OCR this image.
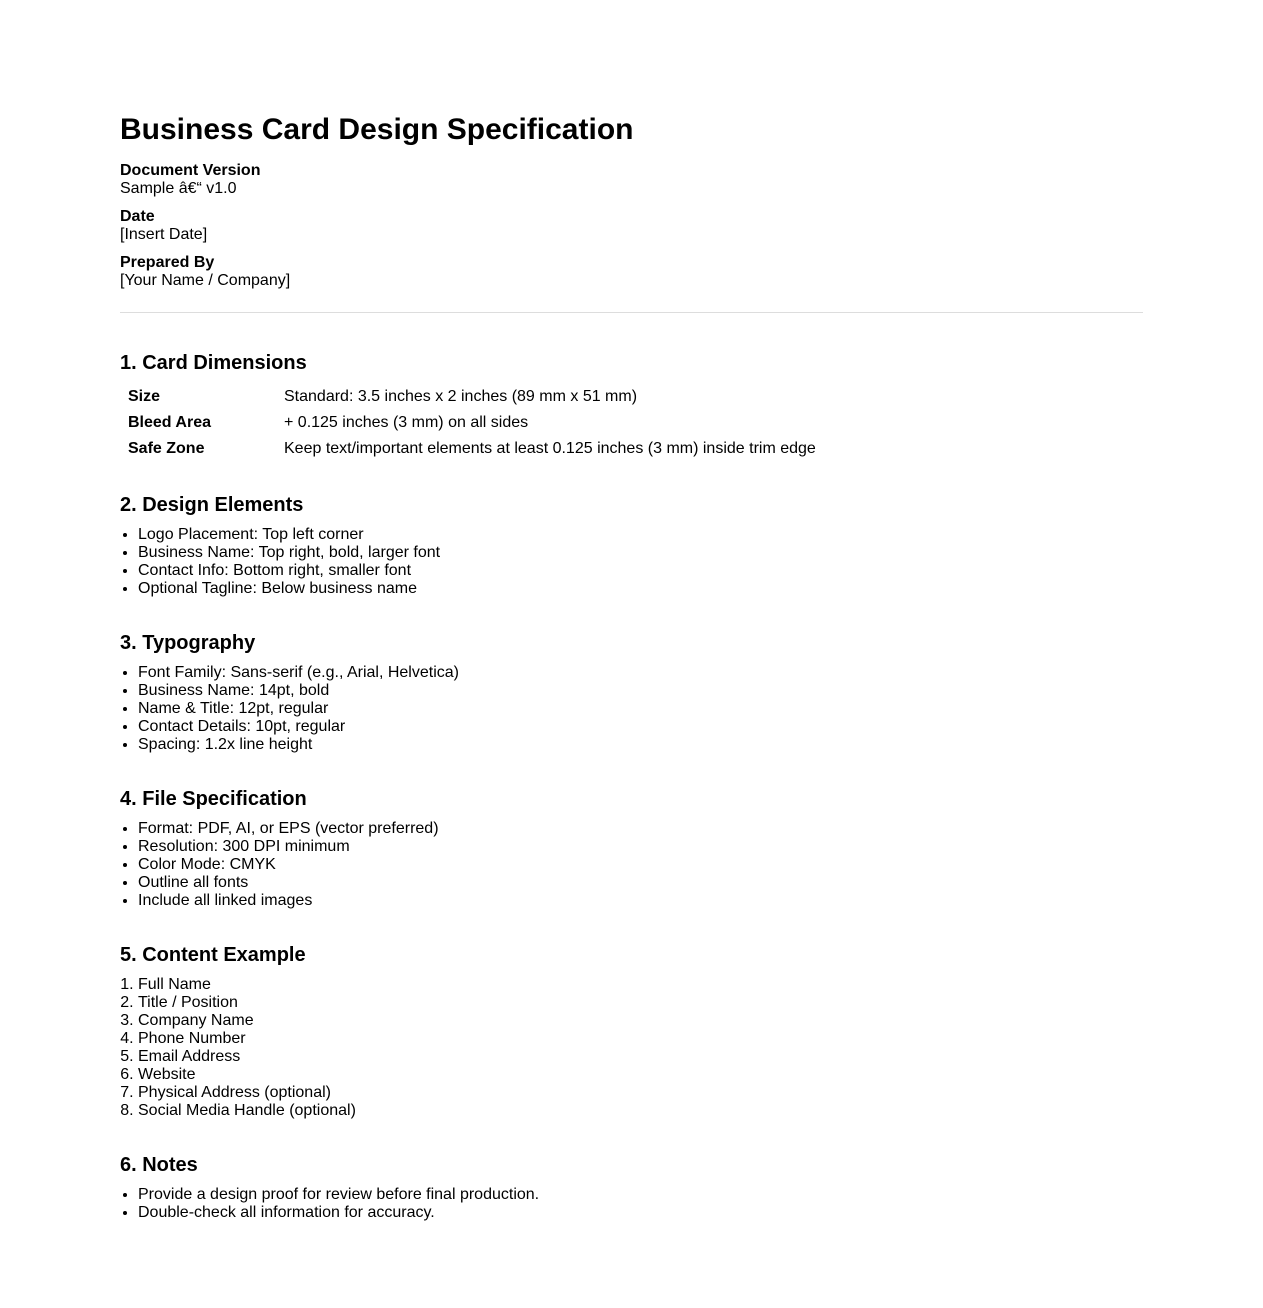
Business Card Design Specification
Document Version
Sample â€“ v1.0
Date
[Insert Date]
Prepared By
[Your Name / Company]
1. Card Dimensions
Size	Standard: 3.5 inches x 2 inches (89 mm x 51 mm)
Bleed Area	+ 0.125 inches (3 mm) on all sides
Safe Zone	Keep text/important elements at least 0.125 inches (3 mm) inside trim edge
2. Design Elements
• Logo Placement: Top left corner
• Business Name: Top right, bold, larger font
• Contact Info: Bottom right, smaller font
• Optional Tagline: Below business name
3. Typography
• Font Family: Sans-serif (e.g., Arial, Helvetica)
• Business Name: 14pt, bold
• Name & Title: 12pt, regular
• Contact Details: 10pt, regular
• Spacing: 1.2x line height
4. File Specification
• Format: PDF, AI, or EPS (vector preferred)
• Resolution: 300 DPI minimum
• Color Mode: CMYK
• Outline all fonts
• Include all linked images
5. Content Example
1. Full Name
2. Title / Position
3. Company Name
4. Phone Number
5. Email Address
6. Website
7. Physical Address (optional)
8. Social Media Handle (optional)
6. Notes
• Provide a design proof for review before final production.
• Double-check all information for accuracy.
